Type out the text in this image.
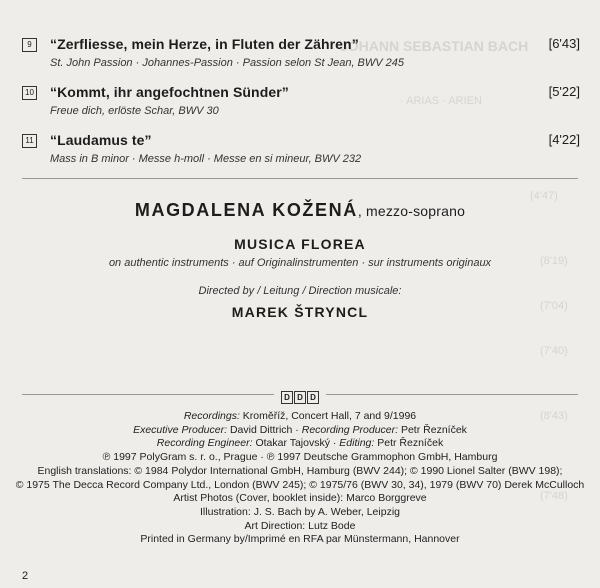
JOHANN SEBASTIAN BACH
· ARIAS · ARIEN
(4'47)
(8'19)
(7'04)
(7'40)
(8'43)
(7'48)
9	“Zerfliesse, mein Herze, in Fluten der Zähren”	[6'43]
St. John Passion · Johannes-Passion · Passion selon St Jean, BWV 245
10 “Kommt, ihr angefochtnen Sünder”	[5'22]
Freue dich, erlöste Schar, BWV 30
11 “Laudamus te”	[4'22]
Mass in B minor · Messe h-moll · Messe en si mineur, BWV 232
MAGDALENA KOŽENÁ, mezzo-soprano
MUSICA FLOREA
on authentic instruments · auf Originalinstrumenten · sur instruments originaux
Directed by / Leitung / Direction musicale:
MAREK ŠTRYNCL
D D D
Recordings: Kroměříž, Concert Hall, 7 and 9/1996
Executive Producer: David Dittrich · Recording Producer: Petr Řezníček
Recording Engineer: Otakar Tajovský · Editing: Petr Řezníček
℗ 1997 PolyGram s. r. o., Prague · ℗ 1997 Deutsche Grammophon GmbH, Hamburg
English translations: © 1984 Polydor International GmbH, Hamburg (BWV 244); © 1990 Lionel Salter (BWV 198);
© 1975 The Decca Record Company Ltd., London (BWV 245); © 1975/76 (BWV 30, 34), 1979 (BWV 70) Derek McCulloch
Artist Photos (Cover, booklet inside): Marco Borggreve
Illustration: J. S. Bach by A. Weber, Leipzig
Art Direction: Lutz Bode
Printed in Germany by/Imprimé en RFA par Münstermann, Hannover
2
